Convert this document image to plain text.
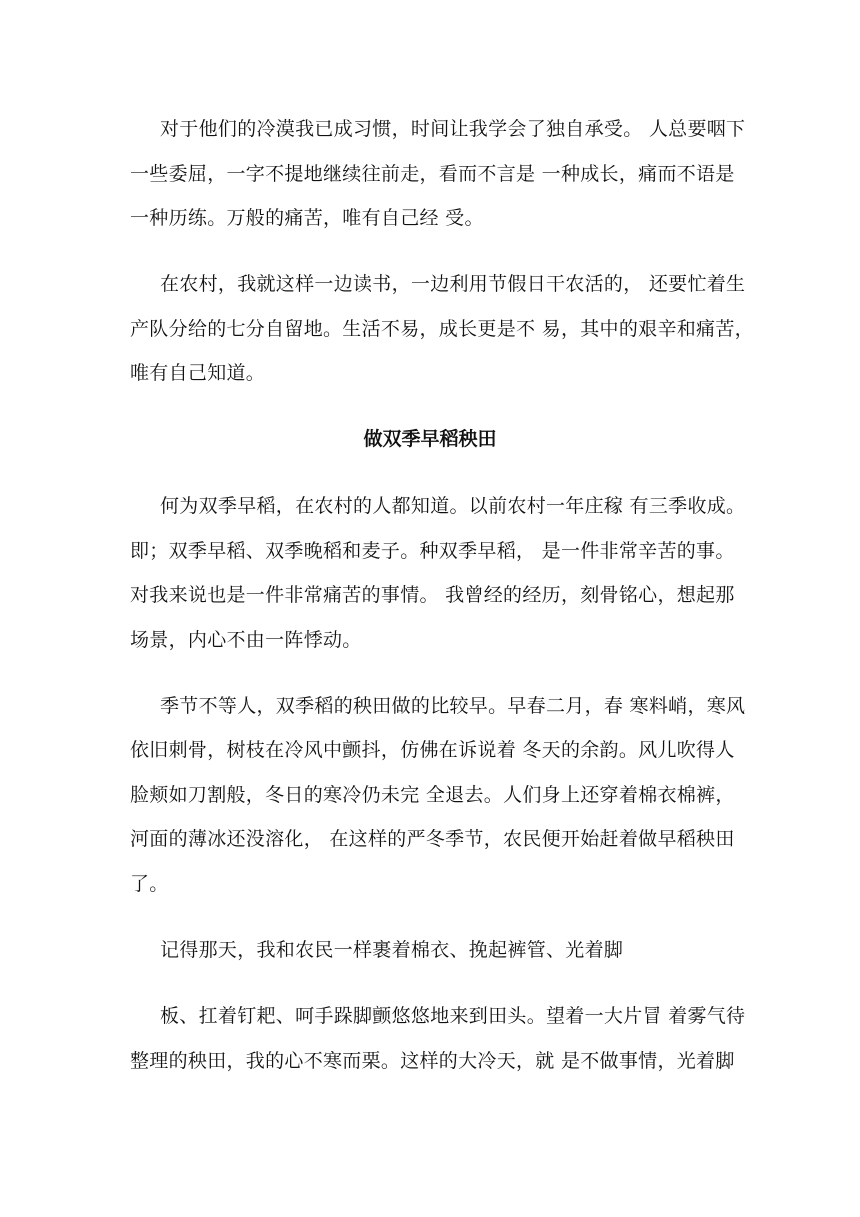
对于他们的冷漠我已成习惯，时间让我学会了独自承受。 人总要咽下
一些委屈，一字不提地继续往前走，看而不言是 一种成长，痛而不语是
一种历练。万般的痛苦，唯有自己经 受。
在农村，我就这样一边读书，一边利用节假日干农活的， 还要忙着生
产队分给的七分自留地。生活不易，成长更是不 易，其中的艰辛和痛苦，
唯有自己知道。
做双季早稻秧田
何为双季早稻，在农村的人都知道。以前农村一年庄稼 有三季收成。
即；双季早稻、双季晚稻和麦子。种双季早稻， 是一件非常辛苦的事。
对我来说也是一件非常痛苦的事情。 我曾经的经历，刻骨铭心，想起那
场景，内心不由一阵悸动。
季节不等人，双季稻的秧田做的比较早。早春二月，春 寒料峭，寒风
依旧刺骨，树枝在冷风中颤抖，仿佛在诉说着 冬天的余韵。风儿吹得人
脸颊如刀割般，冬日的寒冷仍未完 全退去。人们身上还穿着棉衣棉裤，
河面的薄冰还没溶化， 在这样的严冬季节，农民便开始赶着做早稻秧田
了。
记得那天，我和农民一样裹着棉衣、挽起裤管、光着脚
板、扛着钉耙、呵手跺脚颤悠悠地来到田头。望着一大片冒 着雾气待
整理的秧田，我的心不寒而栗。这样的大冷天，就 是不做事情，光着脚
